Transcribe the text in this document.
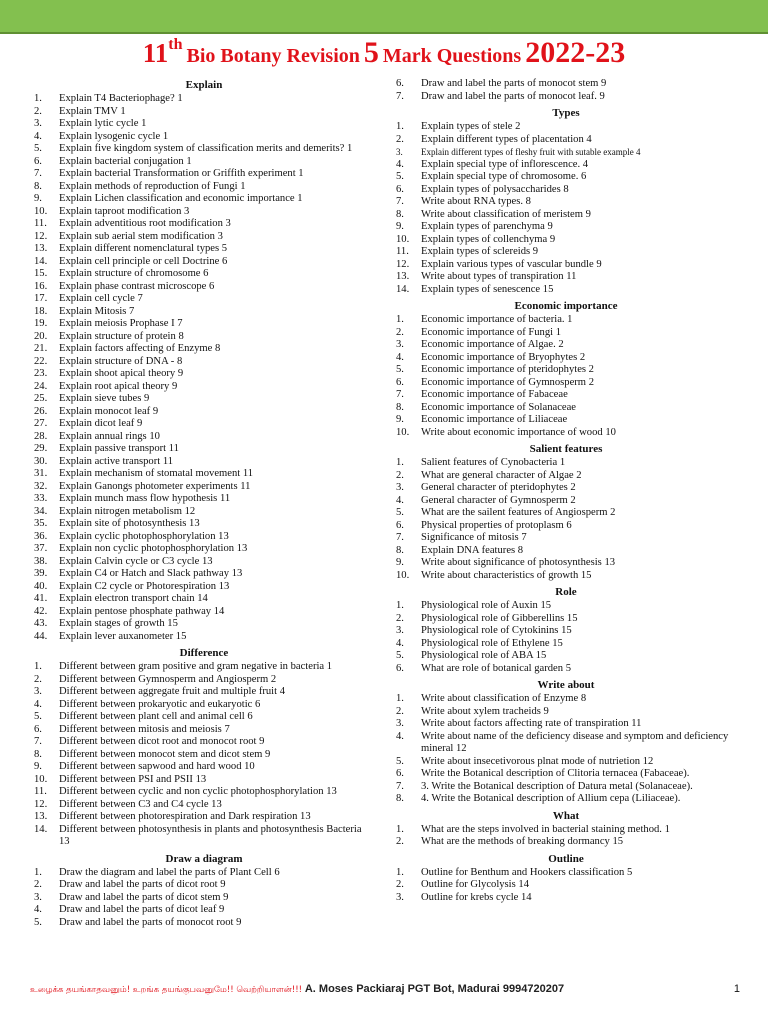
11th Bio Botany Revision 5 Mark Questions 2022-23
Explain
1.	Explain T4 Bacteriophage? 1
2.	Explain TMV 1
3.	Explain lytic cycle 1
4.	Explain lysogenic cycle 1
5.	Explain five kingdom system of classification merits and demerits? 1
6.	Explain bacterial conjugation 1
7.	Explain bacterial Transformation or Griffith experiment 1
8.	Explain methods of reproduction of Fungi 1
9.	Explain Lichen classification and economic importance 1
10.	Explain taproot modification 3
11.	Explain adventitious root modification 3
12.	Explain sub aerial stem modification 3
13.	Explain different nomenclatural types 5
14.	Explain cell principle or cell Doctrine 6
15.	Explain structure of chromosome 6
16.	Explain phase contrast microscope 6
17.	Explain cell cycle 7
18.	Explain Mitosis 7
19.	Explain meiosis Prophase I 7
20.	Explain structure of protein 8
21.	Explain factors affecting of Enzyme 8
22.	Explain structure of DNA - 8
23.	Explain shoot apical theory 9
24.	Explain root apical theory 9
25.	Explain sieve tubes 9
26.	Explain monocot leaf 9
27.	Explain dicot leaf 9
28.	Explain annual rings 10
29.	Explain passive transport 11
30.	Explain active transport 11
31.	Explain mechanism of stomatal movement 11
32.	Explain Ganongs photometer experiments 11
33.	Explain munch mass flow hypothesis 11
34.	Explain nitrogen metabolism 12
35.	Explain site of photosynthesis 13
36.	Explain cyclic photophosphorylation 13
37.	Explain non cyclic photophosphorylation 13
38.	Explain Calvin cycle or C3 cycle 13
39.	Explain C4 or Hatch and Slack pathway 13
40.	Explain C2 cycle or Photorespiration 13
41.	Explain electron transport chain 14
42.	Explain pentose phosphate pathway 14
43.	Explain stages of growth 15
44.	Explain lever auxanometer 15
Difference
1.	Different between gram positive and gram negative in bacteria 1
2.	Different between Gymnosperm and Angiosperm 2
3.	Different between aggregate fruit and multiple fruit 4
4.	Different between prokaryotic and eukaryotic 6
5.	Different between plant cell and animal cell 6
6.	Different between mitosis and meiosis 7
7.	Different between dicot root and monocot root 9
8.	Different between monocot stem and dicot stem 9
9.	Different between sapwood and hard wood 10
10.	Different between PSI and PSII 13
11.	Different between cyclic and non cyclic photophosphorylation 13
12.	Different between C3 and C4 cycle 13
13.	Different between photorespiration and Dark respiration 13
14.	Different between photosynthesis in plants and photosynthesis Bacteria 13
Draw a diagram
1.	Draw the diagram and label the parts of Plant Cell 6
2.	Draw and label the parts of dicot root 9
3.	Draw and label the parts of dicot stem 9
4.	Draw and label the parts of dicot leaf 9
5.	Draw and label the parts of monocot root 9
6.	Draw and label the parts of monocot stem 9
7.	Draw and label the parts of monocot leaf. 9
Types
1.	Explain types of stele 2
2.	Explain different types of placentation 4
3.	Explain different types of fleshy fruit with sutable example 4
4.	Explain special type of inflorescence. 4
5.	Explain special type of chromosome. 6
6.	Explain types of polysaccharides 8
7.	Write about RNA types. 8
8.	Write about classification of meristem 9
9.	Explain types of parenchyma 9
10.	Explain types of collenchyma 9
11.	Explain types of sclereids 9
12.	Explain various types of vascular bundle 9
13.	Write about types of transpiration 11
14.	Explain types of senescence 15
Economic importance
1.	Economic importance of bacteria. 1
2.	Economic importance of Fungi 1
3.	Economic importance of Algae. 2
4.	Economic importance of Bryophytes 2
5.	Economic importance of pteridophytes 2
6.	Economic importance of Gymnosperm 2
7.	Economic importance of Fabaceae
8.	Economic importance of Solanaceae
9.	Economic importance of Liliaceae
10.	Write about economic importance of wood 10
Salient features
1.	Salient features of Cynobacteria 1
2.	What are general character of Algae 2
3.	General character of pteridophytes 2
4.	General character of Gymnosperm 2
5.	What are the sailent features of Angiosperm 2
6.	Physical properties of protoplasm 6
7.	Significance of mitosis 7
8.	Explain DNA features 8
9.	Write about significance of photosynthesis 13
10.	Write about characteristics of growth 15
Role
1.	Physiological role of Auxin 15
2.	Physiological role of Gibberellins 15
3.	Physiological role of Cytokinins 15
4.	Physiological role of Ethylene 15
5.	Physiological role of ABA 15
6.	What are role of botanical garden 5
Write about
1.	Write about classification of Enzyme 8
2.	Write about xylem tracheids 9
3.	Write about factors affecting rate of transpiration 11
4.	Write about name of the deficiency disease and symptom and deficiency mineral 12
5.	Write about insecetivorous plnat mode of nutrietion 12
6.	Write the Botanical description of Clitoria ternacea (Fabaceae).
7.	3. Write the Botanical description of Datura metal (Solanaceae).
8.	4. Write the Botanical description of Allium cepa (Liliaceae).
What
1.	What are the steps involved in bacterial staining method. 1
2.	What are the methods of breaking dormancy 15
Outline
1.	Outline for Benthum and Hookers classification 5
2.	Outline for Glycolysis 14
3.	Outline for krebs cycle 14
உழைக்க தயங்காதவனும்! உறங்க தயங்குபவனுமே!! வெற்றியாளன்!!! A. Moses Packiaraj PGT Bot, Madurai 9994720207	1
